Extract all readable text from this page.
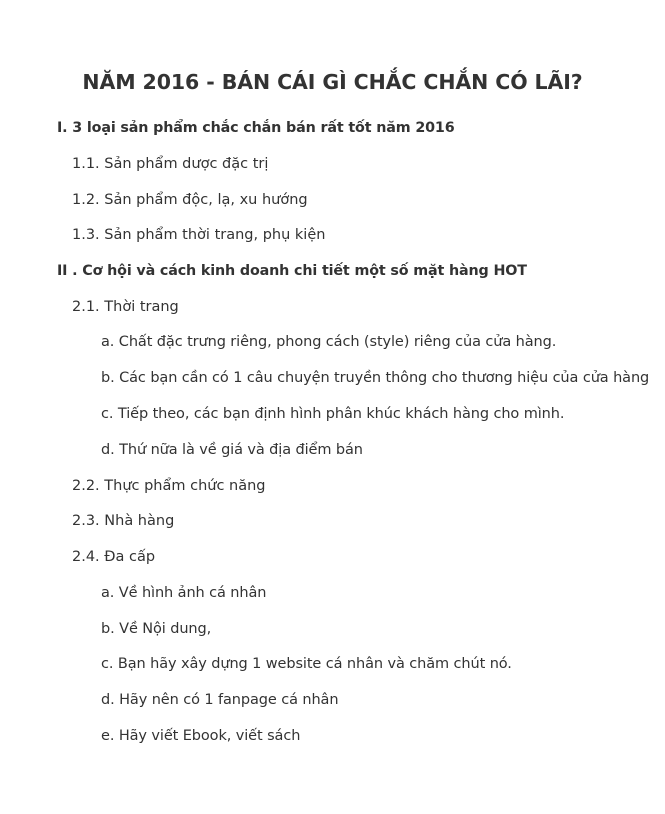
NĂM 2016 - BÁN CÁI GÌ CHẮC CHẮN CÓ LÃI?
I. 3 loại sản phẩm chắc chắn bán rất tốt năm 2016
1.1. Sản phẩm dược đặc trị
1.2. Sản phẩm độc, lạ, xu hướng
1.3. Sản phẩm thời trang, phụ kiện
II . Cơ hội và cách kinh doanh chi tiết một số mặt hàng HOT
2.1. Thời trang
a. Chất đặc trưng riêng, phong cách (style) riêng của cửa hàng.
b. Các bạn cần có 1 câu chuyện truyền thông cho thương hiệu của cửa hàng
c. Tiếp theo, các bạn định hình phân khúc khách hàng cho mình.
d. Thứ nữa là về giá và địa điểm bán
2.2. Thực phẩm chức năng
2.3. Nhà hàng
2.4. Đa cấp
a. Về hình ảnh cá nhân
b. Về Nội dung,
c. Bạn hãy xây dựng 1 website cá nhân và chăm chút nó.
d. Hãy nên có 1 fanpage cá nhân
e. Hãy viết Ebook, viết sách
